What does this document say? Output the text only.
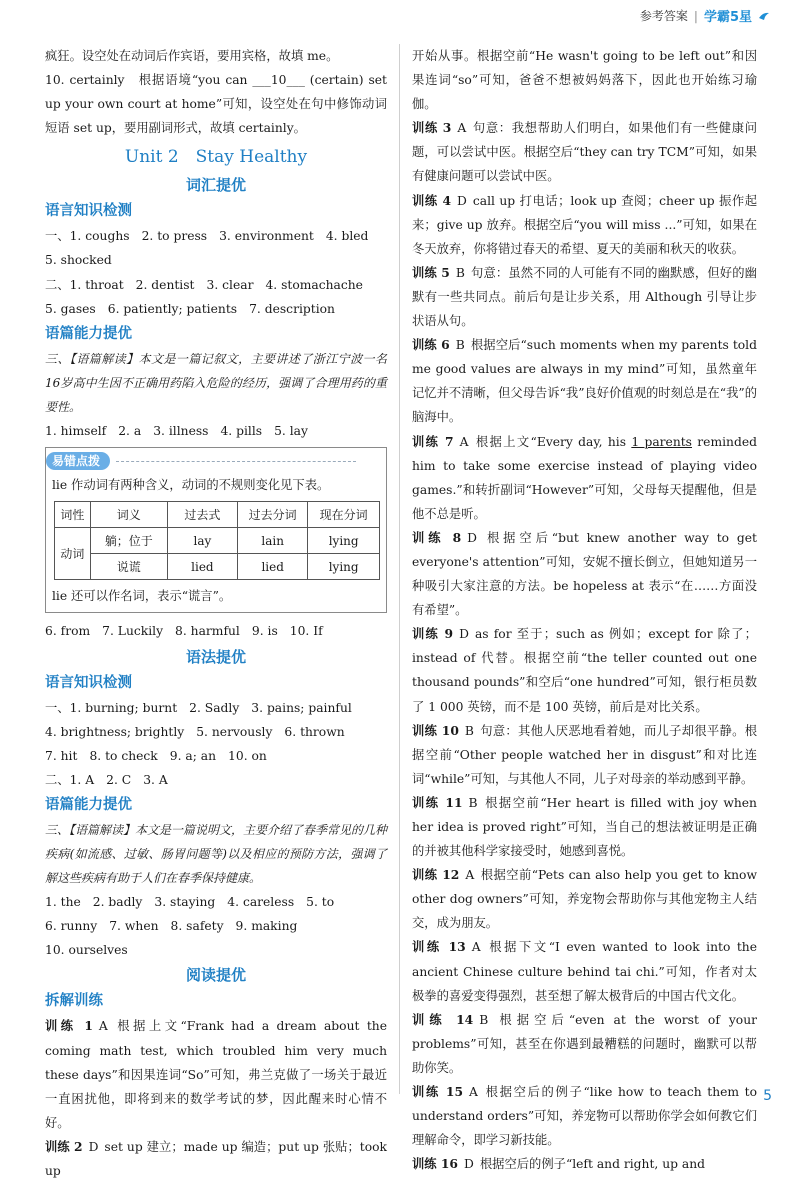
参考答案 | 学霸5星

疯狂。设空处在动词后作宾语，要用宾格，故填 me。

10. certainly　根据语境“you can ___10___ (certain) set up your own court at home”可知，设空处在句中修饰动词短语 set up，要用副词形式，故填 certainly。

Unit 2　Stay Healthy
词汇提优
语言知识检测

一、1. coughs 2. to press 3. environment 4. bled
5. shocked

二、1. throat 2. dentist 3. clear 4. stomachache
5. gases 6. patiently; patients 7. description

语篇能力提优

三、【语篇解读】本文是一篇记叙文，主要讲述了浙江宁波一名16岁高中生因不正确用药陷入危险的经历，强调了合理用药的重要性。

1. himself 2. a 3. illness 4. pills 5. lay

易错点拨

lie 作动词有两种含义，动词的不规则变化见下表。

词性	词义	过去式	过去分词	现在分词
动词	躺；位于	lay	lain	lying
	说谎	lied	lied	lying

lie 还可以作名词，表示“谎言”。

6. from 7. Luckily 8. harmful 9. is 10. If

语法提优
语言知识检测

一、1. burning; burnt 2. Sadly 3. pains; painful

4. brightness; brightly 5. nervously 6. thrown

7. hit 8. to check 9. a; an 10. on

二、1. A 2. C 3. A

语篇能力提优

三、【语篇解读】本文是一篇说明文，主要介绍了春季常见的几种疾病(如流感、过敏、肠胃问题等)以及相应的预防方法，强调了解这些疾病有助于人们在春季保持健康。

1. the 2. badly 3. staying 4. careless 5. to

6. runny 7. when 8. safety 9. making10. ourselves

阅读提优
拆解训练

训练 1 A 根据上文“Frank had a dream about the coming math test, which troubled him very much these days”和因果连词“So”可知，弗兰克做了一场关于最近一直困扰他，即将到来的数学考试的梦，因此醒来时心情不好。

训练 2 D set up 建立；made up 编造；put up 张贴；took up

开始从事。根据空前“He wasn't going to be left out”和因果连词“so”可知，爸爸不想被妈妈落下，因此也开始练习瑜伽。

训练 3 A 句意：我想帮助人们明白，如果他们有一些健康问题，可以尝试中医。根据空后“they can try TCM”可知，如果有健康问题可以尝试中医。

训练 4 D call up 打电话；look up 查阅；cheer up 振作起来；give up 放弃。根据空后“you will miss ...”可知，如果在冬天放弃，你将错过春天的希望、夏天的美丽和秋天的收获。

训练 5 B 句意：虽然不同的人可能有不同的幽默感，但好的幽默有一些共同点。前后句是让步关系，用 Although 引导让步状语从句。

训练 6 B 根据空后“such moments when my parents told me good values are always in my mind”可知，虽然童年记忆并不清晰，但父母告诉“我”良好价值观的时刻总是在“我”的脑海中。

训练 7 A 根据上文“Every day, his 1 parents reminded him to take some exercise instead of playing video games.”和转折副词“However”可知，父母每天提醒他，但是他不总是听。

训练 8 D 根据空后“but knew another way to get everyone's attention”可知，安妮不擅长倒立，但她知道另一种吸引大家注意的方法。be hopeless at 表示“在……方面没有希望”。

训练 9 D as for 至于；such as 例如；except for 除了；instead of 代替。根据空前“the teller counted out one thousand pounds”和空后“one hundred”可知，银行柜员数了 1 000 英镑，而不是 100 英镑，前后是对比关系。

训练 10 B 句意：其他人厌恶地看着她，而儿子却很平静。根据空前“Other people watched her in disgust”和对比连词“while”可知，与其他人不同，儿子对母亲的举动感到平静。

训练 11 B 根据空前“Her heart is filled with joy when her idea is proved right”可知，当自己的想法被证明是正确的并被其他科学家接受时，她感到喜悦。

训练 12 A 根据空前“Pets can also help you get to know other dog owners”可知，养宠物会帮助你与其他宠物主人结交，成为朋友。

训练 13 A 根据下文“I even wanted to look into the ancient Chinese culture behind tai chi.”可知，作者对太极拳的喜爱变得强烈，甚至想了解太极背后的中国古代文化。

训练 14 B 根据空后“even at the worst of your problems”可知，甚至在你遇到最糟糕的问题时，幽默可以帮助你笑。

训练 15 A 根据空后的例子“like how to teach them to understand orders”可知，养宠物可以帮助你学会如何教它们理解命令，即学习新技能。

训练 16 D 根据空后的例子“left and right, up and

5
